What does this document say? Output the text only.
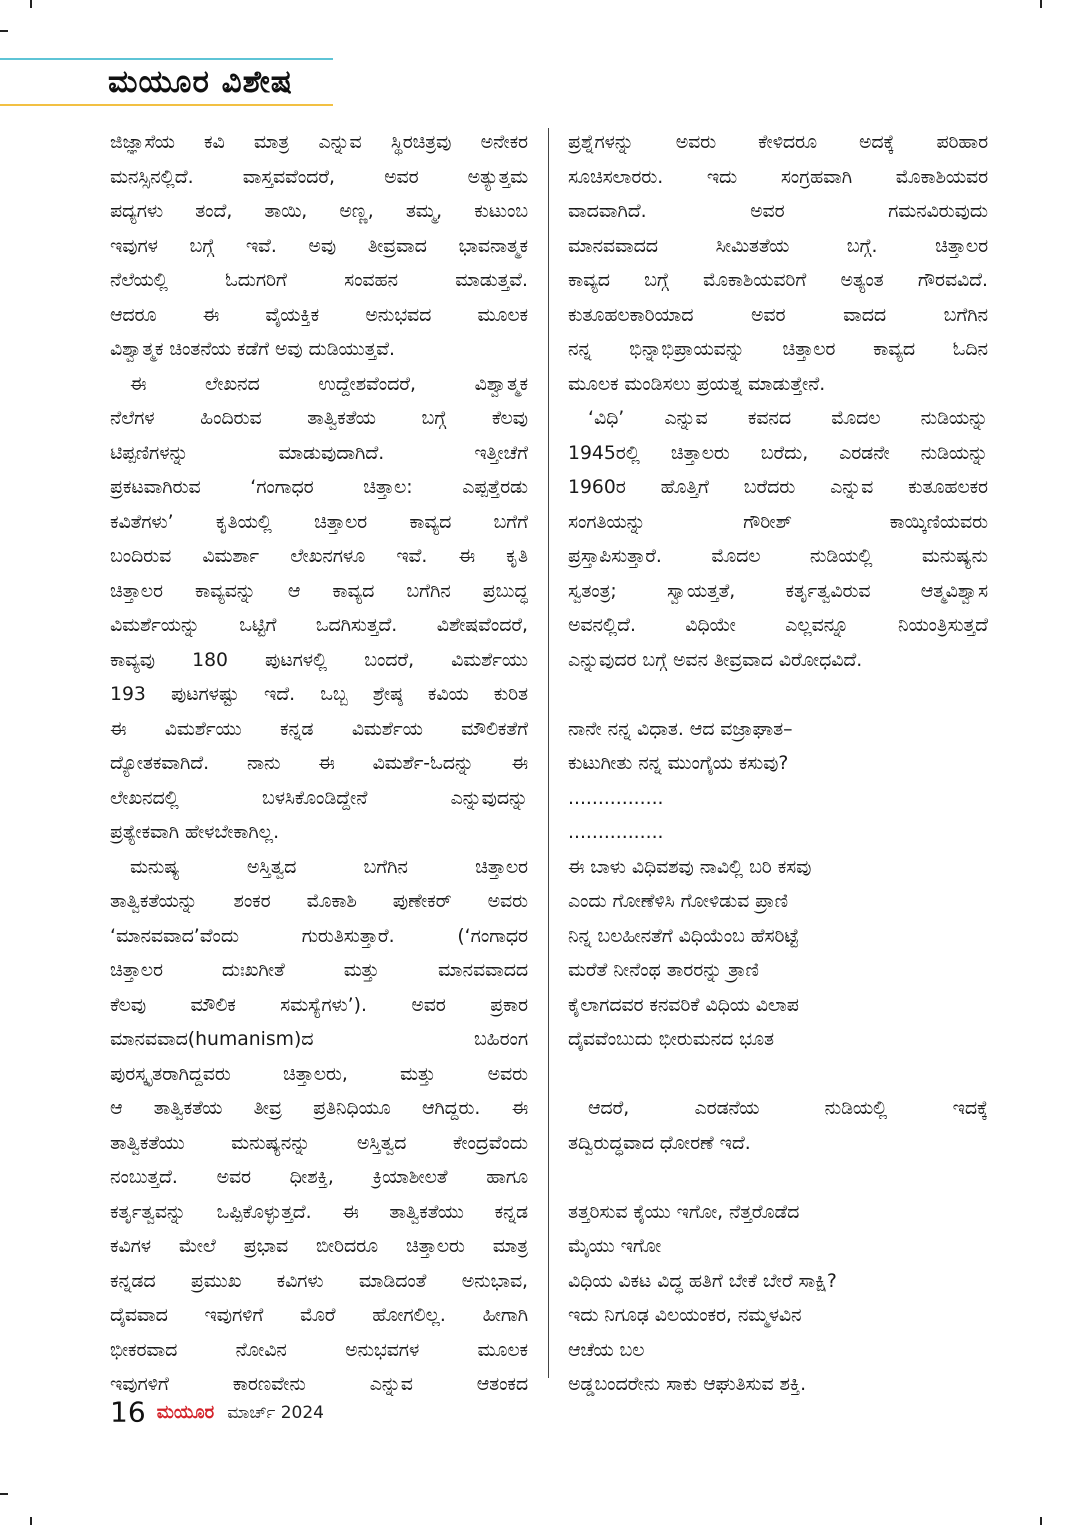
ಮಯೂರ ವಿಶೇಷ
ಜಿಜ್ಞಾಸೆಯ ಕವಿ ಮಾತ್ರ ಎನ್ನುವ ಸ್ಥಿರಚಿತ್ರವು ಅನೇಕರ
ಮನಸ್ಸಿನಲ್ಲಿದೆ. ವಾಸ್ತವವೆಂದರೆ, ಅವರ ಅತ್ಯುತ್ತಮ
ಪದ್ಯಗಳು ತಂದೆ, ತಾಯಿ, ಅಣ್ಣ, ತಮ್ಮ, ಕುಟುಂಬ
ಇವುಗಳ ಬಗ್ಗೆ ಇವೆ. ಅವು ತೀವ್ರವಾದ ಭಾವನಾತ್ಮಕ
ನೆಲೆಯಲ್ಲಿ ಓದುಗರಿಗೆ ಸಂವಹನ ಮಾಡುತ್ತವೆ.
ಆದರೂ ಈ ವೈಯಕ್ತಿಕ ಅನುಭವದ ಮೂಲಕ
ವಿಶ್ವಾತ್ಮಕ ಚಿಂತನೆಯ ಕಡೆಗೆ ಅವು ದುಡಿಯುತ್ತವೆ.
ಈ ಲೇಖನದ ಉದ್ದೇಶವೆಂದರೆ, ವಿಶ್ವಾತ್ಮಕ
ನೆಲೆಗಳ ಹಿಂದಿರುವ ತಾತ್ವಿಕತೆಯ ಬಗ್ಗೆ ಕೆಲವು
ಟಿಪ್ಪಣಿಗಳನ್ನು ಮಾಡುವುದಾಗಿದೆ. ಇತ್ತೀಚೆಗೆ
ಪ್ರಕಟವಾಗಿರುವ ‘ಗಂಗಾಧರ ಚಿತ್ತಾಲ: ಎಪ್ಪತ್ತೆರಡು
ಕವಿತೆಗಳು’ ಕೃತಿಯಲ್ಲಿ ಚಿತ್ತಾಲರ ಕಾವ್ಯದ ಬಗೆಗೆ
ಬಂದಿರುವ ವಿಮರ್ಶಾ ಲೇಖನಗಳೂ ಇವೆ. ಈ ಕೃತಿ
ಚಿತ್ತಾಲರ ಕಾವ್ಯವನ್ನು ಆ ಕಾವ್ಯದ ಬಗೆಗಿನ ಪ್ರಬುದ್ಧ
ವಿಮರ್ಶೆಯನ್ನು ಒಟ್ಟಿಗೆ ಒದಗಿಸುತ್ತದೆ. ವಿಶೇಷವೆಂದರೆ,
ಕಾವ್ಯವು 180 ಪುಟಗಳಲ್ಲಿ ಬಂದರೆ, ವಿಮರ್ಶೆಯು
193 ಪುಟಗಳಷ್ಟು ಇದೆ. ಒಬ್ಬ ಶ್ರೇಷ್ಠ ಕವಿಯ ಕುರಿತ
ಈ ವಿಮರ್ಶೆಯು ಕನ್ನಡ ವಿಮರ್ಶೆಯ ಮೌಲಿಕತೆಗೆ
ದ್ಯೋತಕವಾಗಿದೆ. ನಾನು ಈ ವಿಮರ್ಶೆ-ಓದನ್ನು ಈ
ಲೇಖನದಲ್ಲಿ ಬಳಸಿಕೊಂಡಿದ್ದೇನೆ ಎನ್ನುವುದನ್ನು
ಪ್ರತ್ಯೇಕವಾಗಿ ಹೇಳಬೇಕಾಗಿಲ್ಲ.
ಮನುಷ್ಯ ಅಸ್ತಿತ್ವದ ಬಗೆಗಿನ ಚಿತ್ತಾಲರ
ತಾತ್ವಿಕತೆಯನ್ನು ಶಂಕರ ಮೊಕಾಶಿ ಪುಣೇಕರ್ ಅವರು
‘ಮಾನವವಾದ’ವೆಂದು ಗುರುತಿಸುತ್ತಾರೆ. (‘ಗಂಗಾಧರ
ಚಿತ್ತಾಲರ ದುಃಖಗೀತೆ ಮತ್ತು ಮಾನವವಾದದ
ಕೆಲವು ಮೌಲಿಕ ಸಮಸ್ಯೆಗಳು’). ಅವರ ಪ್ರಕಾರ
ಮಾನವವಾದ(humanism)ದ ಬಹಿರಂಗ
ಪುರಸ್ಕೃತರಾಗಿದ್ದವರು ಚಿತ್ತಾಲರು, ಮತ್ತು ಅವರು
ಆ ತಾತ್ವಿಕತೆಯ ತೀವ್ರ ಪ್ರತಿನಿಧಿಯೂ ಆಗಿದ್ದರು. ಈ
ತಾತ್ವಿಕತೆಯು ಮನುಷ್ಯನನ್ನು ಅಸ್ತಿತ್ವದ ಕೇಂದ್ರವೆಂದು
ನಂಬುತ್ತದೆ. ಅವರ ಧೀಶಕ್ತಿ, ಕ್ರಿಯಾಶೀಲತೆ ಹಾಗೂ
ಕರ್ತೃತ್ವವನ್ನು ಒಪ್ಪಿಕೊಳ್ಳುತ್ತದೆ. ಈ ತಾತ್ವಿಕತೆಯು ಕನ್ನಡ
ಕವಿಗಳ ಮೇಲೆ ಪ್ರಭಾವ ಬೀರಿದರೂ ಚಿತ್ತಾಲರು ಮಾತ್ರ
ಕನ್ನಡದ ಪ್ರಮುಖ ಕವಿಗಳು ಮಾಡಿದಂತೆ ಅನುಭಾವ,
ದೈವವಾದ ಇವುಗಳಿಗೆ ಮೊರೆ ಹೋಗಲಿಲ್ಲ. ಹೀಗಾಗಿ
ಭೀಕರವಾದ ನೋವಿನ ಅನುಭವಗಳ ಮೂಲಕ
ಇವುಗಳಿಗೆ ಕಾರಣವೇನು ಎನ್ನುವ ಆತಂಕದ
ಪ್ರಶ್ನೆಗಳನ್ನು ಅವರು ಕೇಳಿದರೂ ಅದಕ್ಕೆ ಪರಿಹಾರ
ಸೂಚಿಸಲಾರರು. ಇದು ಸಂಗ್ರಹವಾಗಿ ಮೊಕಾಶಿಯವರ
ವಾದವಾಗಿದೆ. ಅವರ ಗಮನವಿರುವುದು
ಮಾನವವಾದದ ಸೀಮಿತತೆಯ ಬಗ್ಗೆ. ಚಿತ್ತಾಲರ
ಕಾವ್ಯದ ಬಗ್ಗೆ ಮೊಕಾಶಿಯವರಿಗೆ ಅತ್ಯಂತ ಗೌರವವಿದೆ.
ಕುತೂಹಲಕಾರಿಯಾದ ಅವರ ವಾದದ ಬಗೆಗಿನ
ನನ್ನ ಭಿನ್ನಾಭಿಪ್ರಾಯವನ್ನು ಚಿತ್ತಾಲರ ಕಾವ್ಯದ ಓದಿನ
ಮೂಲಕ ಮಂಡಿಸಲು ಪ್ರಯತ್ನ ಮಾಡುತ್ತೇನೆ.
‘ವಿಧಿ’ ಎನ್ನುವ ಕವನದ ಮೊದಲ ನುಡಿಯನ್ನು
1945ರಲ್ಲಿ ಚಿತ್ತಾಲರು ಬರೆದು, ಎರಡನೇ ನುಡಿಯನ್ನು
1960ರ ಹೊತ್ತಿಗೆ ಬರೆದರು ಎನ್ನುವ ಕುತೂಹಲಕರ
ಸಂಗತಿಯನ್ನು ಗೌರೀಶ್ ಕಾಯ್ಕಿಣಿಯವರು
ಪ್ರಸ್ತಾಪಿಸುತ್ತಾರೆ. ಮೊದಲ ನುಡಿಯಲ್ಲಿ ಮನುಷ್ಯನು
ಸ್ವತಂತ್ರ; ಸ್ವಾಯತ್ತತೆ, ಕರ್ತೃತ್ವವಿರುವ ಆತ್ಮವಿಶ್ವಾಸ
ಅವನಲ್ಲಿದೆ. ವಿಧಿಯೇ ಎಲ್ಲವನ್ನೂ ನಿಯಂತ್ರಿಸುತ್ತದೆ
ಎನ್ನುವುದರ ಬಗ್ಗೆ ಅವನ ತೀವ್ರವಾದ ವಿರೋಧವಿದೆ.
ನಾನೇ ನನ್ನ ವಿಧಾತ. ಆದ ವಜ್ರಾಘಾತ–
ಕುಟುಗೀತು ನನ್ನ ಮುಂಗೈಯ ಕಸುವು?
................
................
ಈ ಬಾಳು ವಿಧಿವಶವು ನಾವಿಲ್ಲಿ ಬರಿ ಕಸವು
ಎಂದು ಗೋಣೆಳಿಸಿ ಗೋಳಿಡುವ ಪ್ರಾಣಿ
ನಿನ್ನ ಬಲಹೀನತೆಗೆ ವಿಧಿಯೆಂಬ ಹೆಸರಿಟ್ಟೆ
ಮರೆತೆ ನೀನೆಂಥ ತಾರರನ್ನು ತ್ರಾಣಿ
ಕೈಲಾಗದವರ ಕನವರಿಕೆ ವಿಧಿಯ ವಿಲಾಪ
ದೈವವೆಂಬುದು ಭೀರುಮನದ ಭೂತ
ಆದರೆ, ಎರಡನೆಯ ನುಡಿಯಲ್ಲಿ ಇದಕ್ಕೆ
ತದ್ವಿರುದ್ಧವಾದ ಧೋರಣೆ ಇದೆ.
ತತ್ತರಿಸುವ ಕೈಯು ಇಗೋ, ನೆತ್ತರೊಡೆದ
ಮೈಯು ಇಗೋ
ವಿಧಿಯ ವಿಕಟ ವಿದ್ಧ ಹತಿಗೆ ಬೇಕೆ ಬೇರೆ ಸಾಕ್ಷಿ?
ಇದು ನಿಗೂಢ ವಿಲಯಂಕರ, ನಮ್ಮಳವಿನ
ಆಚೆಯ ಬಲ
ಅಡ್ಡಬಂದರೇನು ಸಾಕು ಆಘುತಿಸುವ ಶಕ್ತಿ.
16 ಮಯೂರ ಮಾರ್ಚ್ 2024
